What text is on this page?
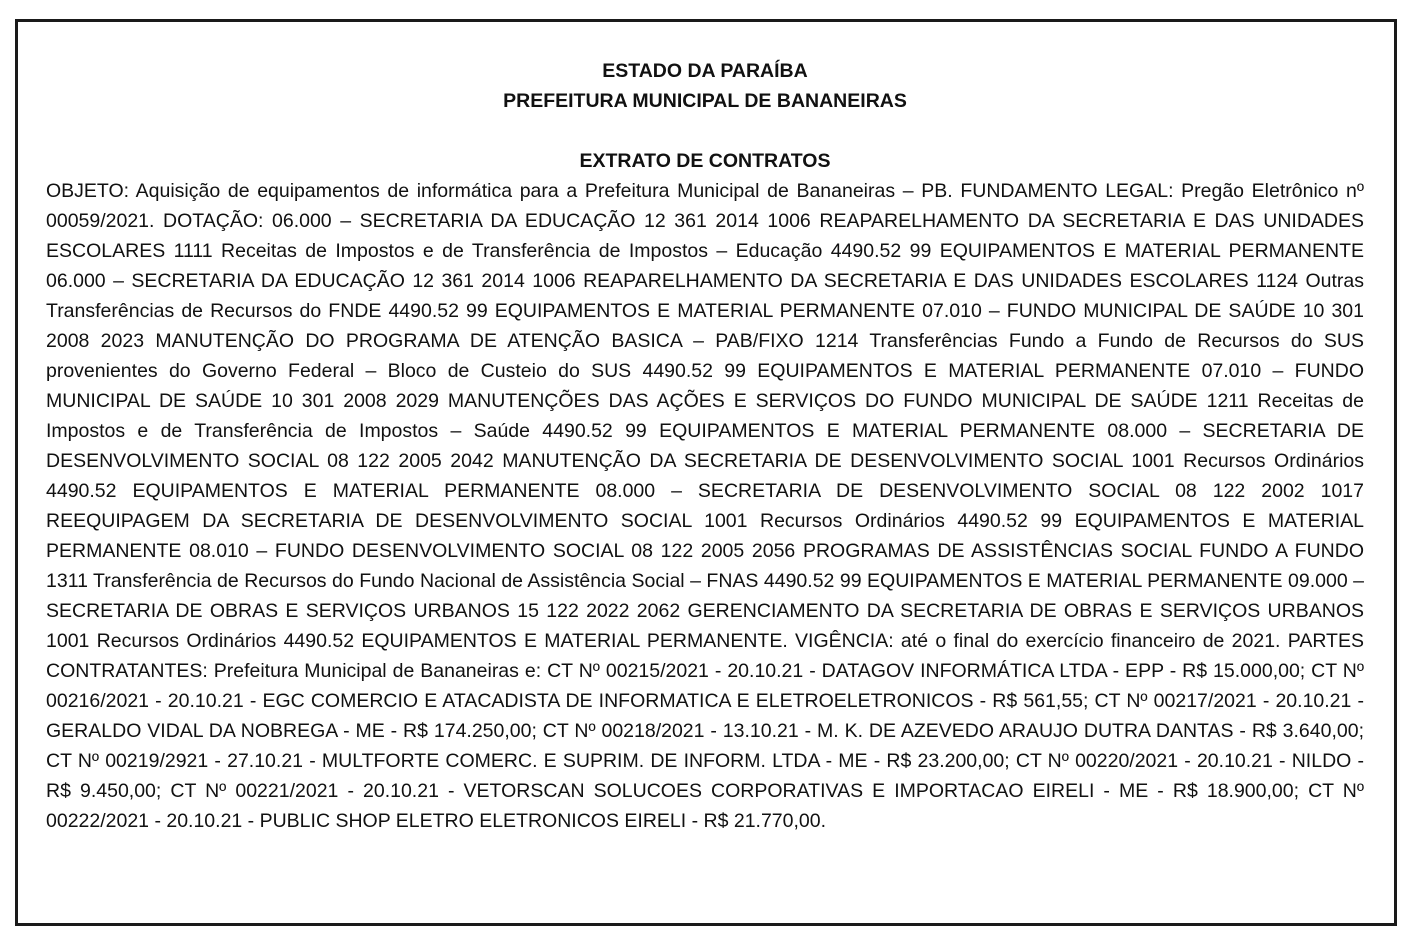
ESTADO DA PARAÍBA

PREFEITURA MUNICIPAL DE BANANEIRAS

EXTRATO DE CONTRATOS

OBJETO: Aquisição de equipamentos de informática para a Prefeitura Municipal de Bananeiras – PB. FUNDAMENTO LEGAL: Pregão Eletrônico nº 00059/2021. DOTAÇÃO: 06.000 – SECRETARIA DA EDUCAÇÃO 12 361 2014 1006 REAPARELHAMENTO DA SECRETARIA E DAS UNIDADES ESCOLARES 1111 Receitas de Impostos e de Transferência de Impostos – Educação 4490.52 99 EQUIPAMENTOS E MATERIAL PERMANENTE 06.000 – SECRETARIA DA EDUCAÇÃO 12 361 2014 1006 REAPARELHAMENTO DA SECRETARIA E DAS UNIDADES ESCOLARES 1124 Outras Transferências de Recursos do FNDE 4490.52 99 EQUIPAMENTOS E MATERIAL PERMANENTE 07.010 – FUNDO MUNICIPAL DE SAÚDE 10 301 2008 2023 MANUTENÇÃO DO PROGRAMA DE ATENÇÃO BASICA – PAB/FIXO 1214 Transferências Fundo a Fundo de Recursos do SUS provenientes do Governo Federal – Bloco de Custeio do SUS 4490.52 99 EQUIPAMENTOS E MATERIAL PERMANENTE 07.010 – FUNDO MUNICIPAL DE SAÚDE 10 301 2008 2029 MANUTENÇÕES DAS AÇÕES E SERVIÇOS DO FUNDO MUNICIPAL DE SAÚDE 1211 Receitas de Impostos e de Transferência de Impostos – Saúde 4490.52 99 EQUIPAMENTOS E MATERIAL PERMANENTE 08.000 – SECRETARIA DE DESENVOLVIMENTO SOCIAL 08 122 2005 2042 MANUTENÇÃO DA SECRETARIA DE DESENVOLVIMENTO SOCIAL 1001 Recursos Ordinários 4490.52 EQUIPAMENTOS E MATERIAL PERMANENTE 08.000 – SECRETARIA DE DESENVOLVIMENTO SOCIAL 08 122 2002 1017 REEQUIPAGEM DA SECRETARIA DE DESENVOLVIMENTO SOCIAL 1001 Recursos Ordinários 4490.52 99 EQUIPAMENTOS E MATERIAL PERMANENTE 08.010 – FUNDO DESENVOLVIMENTO SOCIAL 08 122 2005 2056 PROGRAMAS DE ASSISTÊNCIAS SOCIAL FUNDO A FUNDO 1311 Transferência de Recursos do Fundo Nacional de Assistência Social – FNAS 4490.52 99 EQUIPAMENTOS E MATERIAL PERMANENTE 09.000 – SECRETARIA DE OBRAS E SERVIÇOS URBANOS 15 122 2022 2062 GERENCIAMENTO DA SECRETARIA DE OBRAS E SERVIÇOS URBANOS 1001 Recursos Ordinários 4490.52 EQUIPAMENTOS E MATERIAL PERMANENTE. VIGÊNCIA: até o final do exercício financeiro de 2021. PARTES CONTRATANTES: Prefeitura Municipal de Bananeiras e: CT Nº 00215/2021 - 20.10.21 - DATAGOV INFORMÁTICA LTDA - EPP - R$ 15.000,00; CT Nº 00216/2021 - 20.10.21 - EGC COMERCIO E ATACADISTA DE INFORMATICA E ELETROELETRONICOS - R$ 561,55; CT Nº 00217/2021 - 20.10.21 - GERALDO VIDAL DA NOBREGA - ME - R$ 174.250,00; CT Nº 00218/2021 - 13.10.21 - M. K. DE AZEVEDO ARAUJO DUTRA DANTAS - R$ 3.640,00; CT Nº 00219/2921 - 27.10.21 - MULTFORTE COMERC. E SUPRIM. DE INFORM. LTDA - ME - R$ 23.200,00; CT Nº 00220/2021 - 20.10.21 - NILDO - R$ 9.450,00; CT Nº 00221/2021 - 20.10.21 - VETORSCAN SOLUCOES CORPORATIVAS E IMPORTACAO EIRELI - ME - R$ 18.900,00; CT Nº 00222/2021 - 20.10.21 - PUBLIC SHOP ELETRO ELETRONICOS EIRELI - R$ 21.770,00.
